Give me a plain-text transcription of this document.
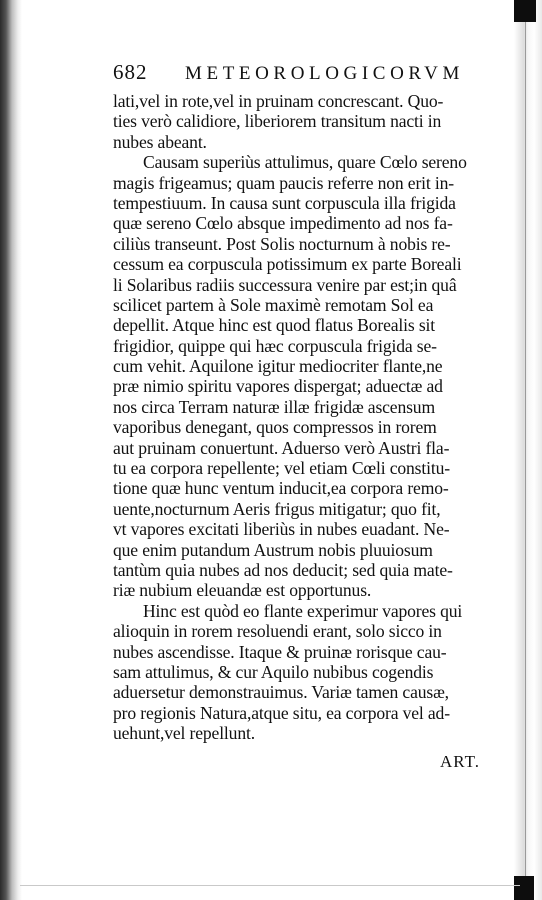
682	METEOROLOGICORVM
lati,vel in rote,vel in pruinam concrescant. Quo-
ties verò calidiore, liberiorem transitum nacti in
nubes abeant.
Causam superiùs attulimus, quare Cœlo sereno
magis frigeamus; quam paucis referre non erit in-
tempestiuum. In causa sunt corpuscula illa frigida
quæ sereno Cœlo absque impedimento ad nos fa-
ciliùs transeunt. Post Solis nocturnum à nobis re-
cessum ea corpuscula potissimum ex parte Boreali
li Solaribus radiis successura venire par est;in quâ
scilicet partem à Sole maximè remotam Sol ea
depellit. Atque hinc est quod flatus Borealis sit
frigidior, quippe qui hæc corpuscula frigida se-
cum vehit. Aquilone igitur mediocriter flante,ne
præ nimio spiritu vapores dispergat; aduectæ ad
nos circa Terram naturæ illæ frigidæ ascensum
vaporibus denegant, quos compressos in rorem
aut pruinam conuertunt. Aduerso verò Austri fla-
tu ea corpora repellente; vel etiam Cœli constitu-
tione quæ hunc ventum inducit,ea corpora remo-
uente,nocturnum Aeris frigus mitigatur; quo fit,
vt vapores excitati liberiùs in nubes euadant. Ne-
que enim putandum Austrum nobis pluuiosum
tantùm quia nubes ad nos deducit; sed quia mate-
riæ nubium eleuandæ est opportunus.
Hinc est quòd eo flante experimur vapores qui
alioquin in rorem resoluendi erant, solo sicco in
nubes ascendisse. Itaque & pruinæ rorisque cau-
sam attulimus, & cur Aquilo nubibus cogendis
aduersetur demonstrauimus. Variæ tamen causæ,
pro regionis Natura,atque situ, ea corpora vel ad-
uehunt,vel repellunt.
ART.
